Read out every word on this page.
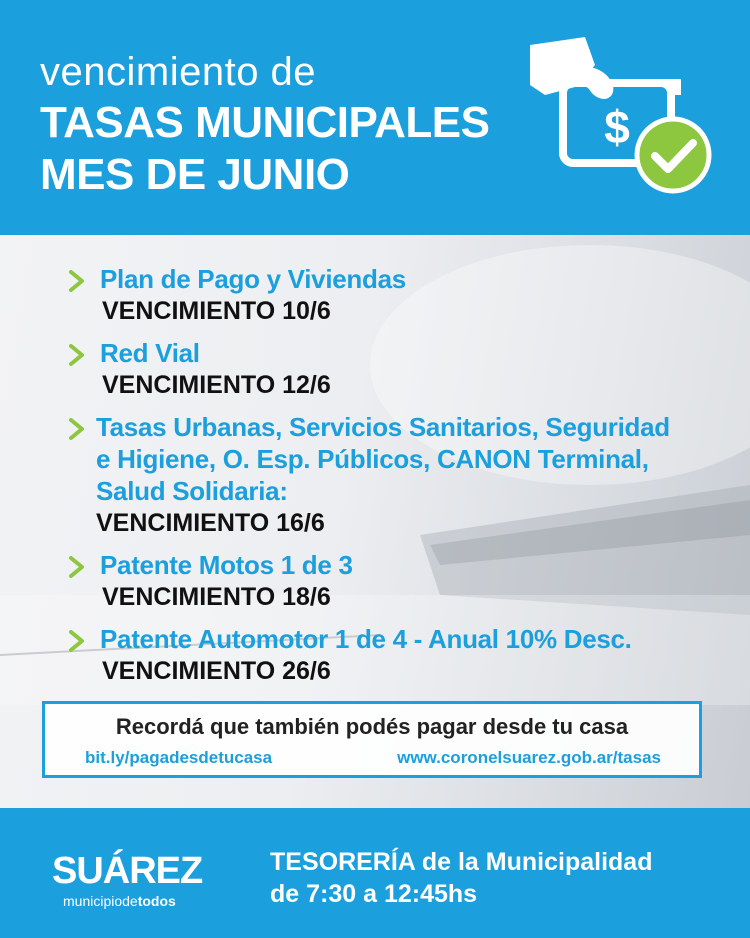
vencimiento de
TASAS MUNICIPALES
MES DE JUNIO
$
Plan de Pago y Viviendas
VENCIMIENTO 10/6
Red Vial
VENCIMIENTO 12/6
Tasas Urbanas, Servicios Sanitarios, Seguridad
e Higiene, O. Esp. Públicos, CANON Terminal,
Salud Solidaria:
VENCIMIENTO 16/6
Patente Motos 1 de 3
VENCIMIENTO 18/6
Patente Automotor 1 de 4 - Anual 10% Desc.
VENCIMIENTO 26/6
Recordá que también podés pagar desde tu casa
bit.ly/pagadesdetucasa	www.coronelsuarez.gob.ar/tasas
SUÁREZ
municipiodetodos
TESORERÍA de la Municipalidad
de 7:30 a 12:45hs
